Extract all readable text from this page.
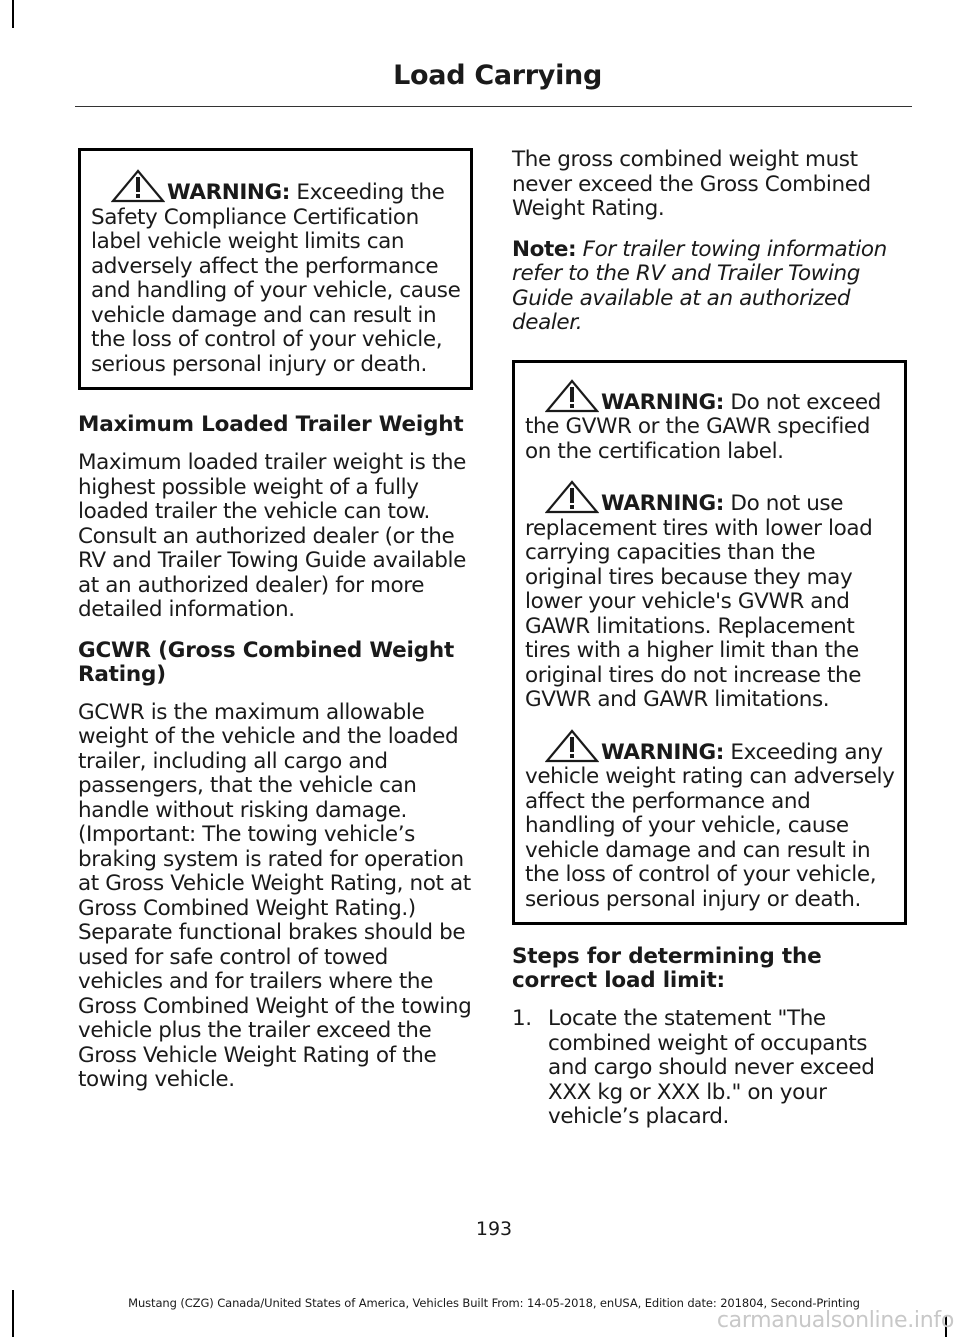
Load Carrying
WARNING: Exceeding the Safety Compliance Certification label vehicle weight limits can adversely affect the performance and handling of your vehicle, cause vehicle damage and can result in the loss of control of your vehicle, serious personal injury or death.
Maximum Loaded Trailer Weight

Maximum loaded trailer weight is the highest possible weight of a fully loaded trailer the vehicle can tow. Consult an authorized dealer (or the RV and Trailer Towing Guide available at an authorized dealer) for more detailed information.

GCWR (Gross Combined Weight Rating)

GCWR is the maximum allowable weight of the vehicle and the loaded trailer, including all cargo and passengers, that the vehicle can handle without risking damage. (Important: The towing vehicle’s braking system is rated for operation at Gross Vehicle Weight Rating, not at Gross Combined Weight Rating.) Separate functional brakes should be used for safe control of towed vehicles and for trailers where the Gross Combined Weight of the towing vehicle plus the trailer exceed the Gross Vehicle Weight Rating of the towing vehicle.

The gross combined weight must never exceed the Gross Combined Weight Rating.

Note: For trailer towing information refer to the RV and Trailer Towing Guide available at an authorized dealer.

WARNING: Do not exceed the GVWR or the GAWR specified on the certification label.
WARNING: Do not use replacement tires with lower load carrying capacities than the original tires because they may lower your vehicle's GVWR and GAWR limitations. Replacement tires with a higher limit than the original tires do not increase the GVWR and GAWR limitations.
WARNING: Exceeding any vehicle weight rating can adversely affect the performance and handling of your vehicle, cause vehicle damage and can result in the loss of control of your vehicle, serious personal injury or death.
Steps for determining the correct load limit:
1. Locate the statement "The combined weight of occupants and cargo should never exceed XXX kg or XXX lb." on your vehicle’s placard.
193
Mustang (CZG) Canada/United States of America, Vehicles Built From: 14-05-2018, enUSA, Edition date: 201804, Second-Printing
carmanualsonline.info
